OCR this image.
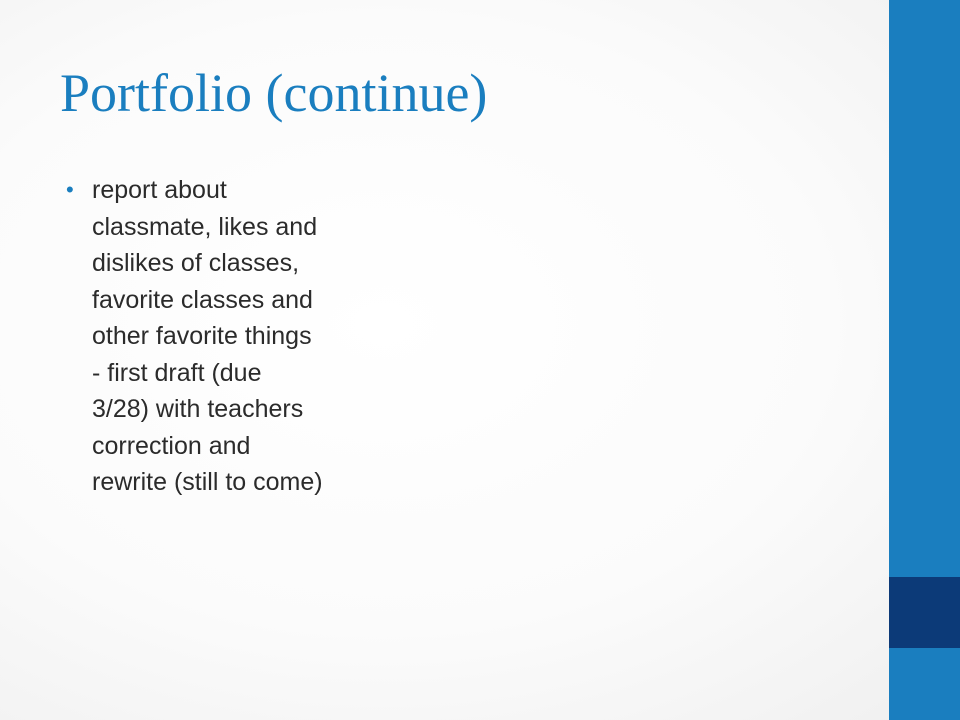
Portfolio (continue)
• report about
classmate, likes and
dislikes of classes,
favorite classes and
other favorite things
- first draft (due
3/28) with teachers
correction and
rewrite (still to come)
